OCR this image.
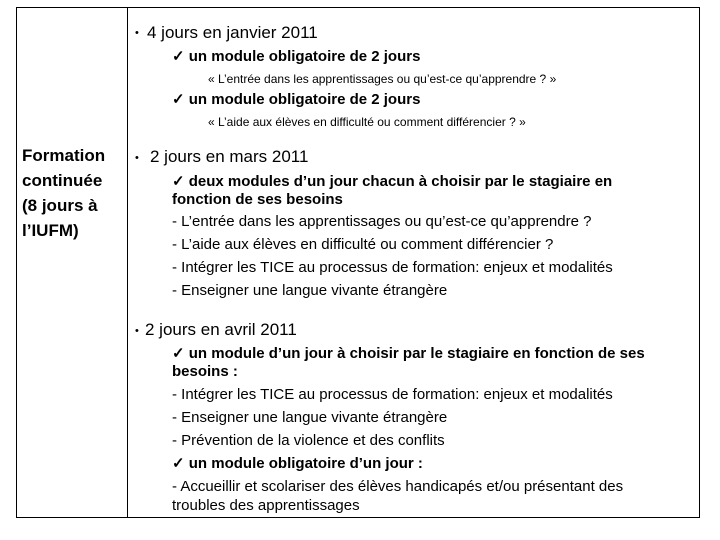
Formation
continuée
(8 jours à
l’IUFM)
• 4 jours en janvier 2011
✓ un module obligatoire de 2 jours
« L’entrée dans les apprentissages ou qu’est-ce qu’apprendre ? »
✓ un module obligatoire de 2 jours
« L’aide aux élèves en difficulté ou comment différencier ? »
• 2 jours en mars 2011
✓ deux modules d’un jour chacun à choisir par le stagiaire en
fonction de ses besoins
- L’entrée dans les apprentissages ou qu’est-ce qu’apprendre ?
- L’aide aux élèves en difficulté ou comment différencier ?
- Intégrer les TICE au processus de formation: enjeux et modalités
- Enseigner une langue vivante étrangère
• 2 jours en avril 2011
✓ un module d’un jour à choisir par le stagiaire en fonction de ses
besoins :
- Intégrer les TICE au processus de formation: enjeux et modalités
- Enseigner une langue vivante étrangère
- Prévention de la violence et des conflits
✓ un module obligatoire d’un jour :
- Accueillir et scolariser des élèves handicapés et/ou présentant des
troubles des apprentissages
